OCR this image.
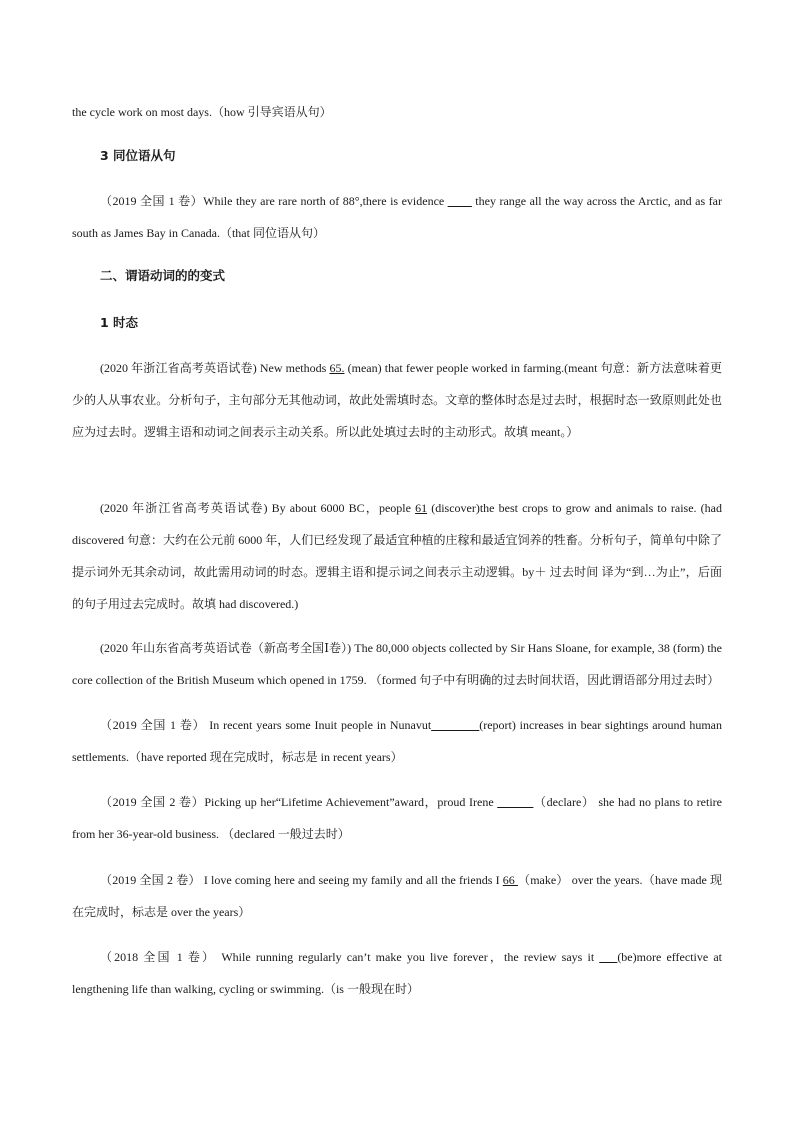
the cycle work on most days.（how 引导宾语从句）

3 同位语从句

（2019 全国 1 卷）While they are rare north of 88°,there is evidence ____ they range all the way across the Arctic, and as far south as James Bay in Canada.（that 同位语从句）

二、谓语动词的的变式

1 时态

(2020 年浙江省高考英语试卷) New methods 65. (mean) that fewer people worked in farming.(meant 句意：新方法意味着更少的人从事农业。分析句子，主句部分无其他动词，故此处需填时态。文章的整体时态是过去时，根据时态一致原则此处也应为过去时。逻辑主语和动词之间表示主动关系。所以此处填过去时的主动形式。故填 meant。）

(2020 年浙江省高考英语试卷) By about 6000 BC，people 61 (discover)the best crops to grow and animals to raise. (had discovered 句意：大约在公元前 6000 年，人们已经发现了最适宜种植的庄稼和最适宜饲养的牲畜。分析句子，简单句中除了提示词外无其余动词，故此需用动词的时态。逻辑主语和提示词之间表示主动逻辑。by＋ 过去时间 译为“到…为止”，后面的句子用过去完成时。故填 had discovered.)

(2020 年山东省高考英语试卷（新高考全国Ⅰ卷）) The 80,000 objects collected by Sir Hans Sloane, for example, 38 (form) the core collection of the British Museum which opened in 1759. （formed 句子中有明确的过去时间状语，因此谓语部分用过去时）

（2019 全国 1 卷） In recent years some Inuit people in Nunavut________(report) increases in bear sightings around human settlements.（have reported 现在完成时，标志是 in recent years）

（2019 全国 2 卷）Picking up her“Lifetime Achievement”award，proud Irene ______（declare） she had no plans to retire from her 36-year-old business. （declared 一般过去时）

（2019 全国 2 卷） I love coming here and seeing my family and all the friends I 66 （make） over the years.（have made 现在完成时，标志是 over the years）

（2018 全国 1 卷） While running regularly can’t make you live forever，the review says it ___(be)more effective at lengthening life than walking, cycling or swimming.（is 一般现在时）
